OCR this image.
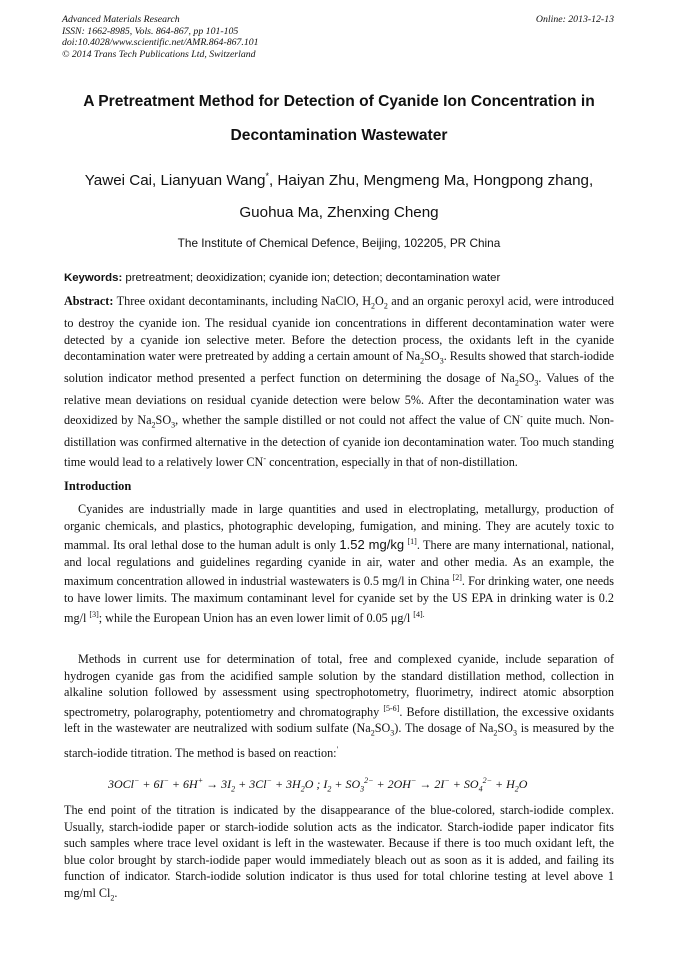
Advanced Materials Research
ISSN: 1662-8985, Vols. 864-867, pp 101-105
doi:10.4028/www.scientific.net/AMR.864-867.101
© 2014 Trans Tech Publications Ltd, Switzerland
Online: 2013-12-13
A Pretreatment Method for Detection of Cyanide Ion Concentration in
Decontamination Wastewater
Yawei Cai, Lianyuan Wang*, Haiyan Zhu, Mengmeng Ma, Hongpong zhang,
Guohua Ma, Zhenxing Cheng
The Institute of Chemical Defence, Beijing, 102205, PR China
Keywords: pretreatment; deoxidization; cyanide ion; detection; decontamination water

Abstract: Three oxidant decontaminants, including NaClO, $H_2O_2$ and an organic peroxyl acid, were introduced to destroy the cyanide ion. The residual cyanide ion concentrations in different decontamination water were detected by a cyanide ion selective meter. Before the detection process, the oxidants left in the cyanide decontamination water were pretreated by adding a certain amount of $Na_2SO_3$. Results showed that starch-iodide solution indicator method presented a perfect function on determining the dosage of $Na_2SO_3$. Values of the relative mean deviations on residual cyanide detection were below 5%. After the decontamination water was deoxidized by $Na_2SO_3$, whether the sample distilled or not could not affect the value of CN- quite much. Non-distillation was confirmed alternative in the detection of cyanide ion decontamination water. Too much standing time would lead to a relatively lower CN- concentration, especially in that of non-distillation.

Introduction

Cyanides are industrially made in large quantities and used in electroplating, metallurgy, production of organic chemicals, and plastics, photographic developing, fumigation, and mining. They are acutely toxic to mammal. Its oral lethal dose to the human adult is only 1.52 mg/kg [1]. There are many international, national, and local regulations and guidelines regarding cyanide in air, water and other media. As an example, the maximum concentration allowed in industrial wastewaters is 0.5 mg/l in China [2]. For drinking water, one needs to have lower limits. The maximum contaminant level for cyanide set by the US EPA in drinking water is 0.2 mg/l [3]; while the European Union has an even lower limit of 0.05 μg/l $^{[4].}$

Methods in current use for determination of total, free and complexed cyanide, include separation of hydrogen cyanide gas from the acidified sample solution by the standard distillation method, collection in alkaline solution followed by assessment using spectrophotometry, fluorimetry, indirect atomic absorption spectrometry, polarography, potentiometry and chromatography [5-6]. Before distillation, the excessive oxidants left in the wastewater are neutralized with sodium sulfate $(Na_2SO_3)$. The dosage of $Na_2SO_3$ is measured by the starch-iodide titration. The method is based on reaction:'

$3OCl^- + 6I^- + 6H^+ \to 3I_2 + 3Cl^- + 3H_2O$ ; $I_2 + SO_3^{2-} + 2OH^- \to 2I^- + SO_4^{2-} + H_2O$

The end point of the titration is indicated by the disappearance of the blue-colored, starch-iodide complex. Usually, starch-iodide paper or starch-iodide solution acts as the indicator. Starch-iodide paper indicator fits such samples where trace level oxidant is left in the wastewater. Because if there is too much oxidant left, the blue color brought by starch-iodide paper would immediately bleach out as soon as it is added, and failing its function of indicator. Starch-iodide solution indicator is thus used for total chlorine testing at level above 1 mg/ml $Cl_2$.
